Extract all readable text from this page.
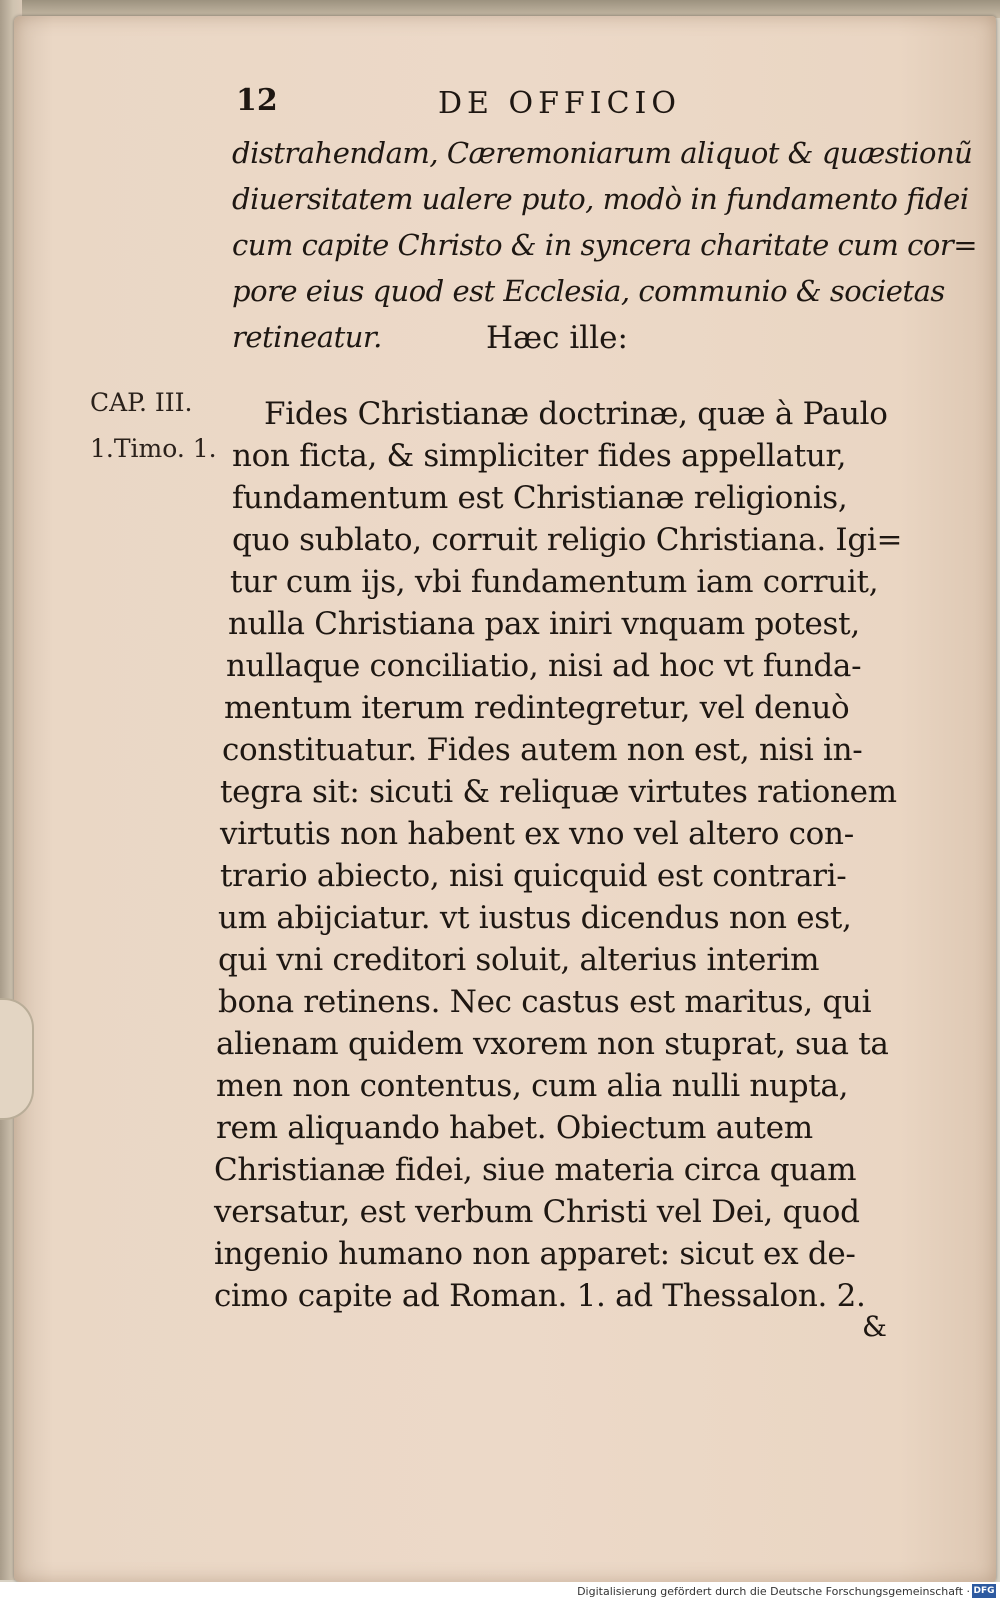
12	DE OFFICIO
distrahendam, Cæremoniarum aliquot & quæstionũ
diuersitatem ualere puto, modò in fundamento fidei
cum capite Christo & in syncera charitate cum cor=
pore eius quod est Ecclesia, communio & societas
retineatur.	Hæc ille:
CAP. III.
1.Timo. 1.
Fides Christianæ doctrinæ, quæ à Paulo
non ficta, & simpliciter fides appellatur,
fundamentum est Christianæ religionis,
quo sublato, corruit religio Christiana. Igi=
tur cum ijs, vbi fundamentum iam corruit,
nulla Christiana pax iniri vnquam potest,
nullaque conciliatio, nisi ad hoc vt funda-
mentum iterum redintegretur, vel denuò
constituatur. Fides autem non est, nisi in-
tegra sit: sicuti & reliquæ virtutes rationem
virtutis non habent ex vno vel altero con-
trario abiecto, nisi quicquid est contrari-
um abijciatur. vt iustus dicendus non est,
qui vni creditori soluit, alterius interim
bona retinens. Nec castus est maritus, qui
alienam quidem vxorem non stuprat, sua ta
men non contentus, cum alia nulli nupta,
rem aliquando habet. Obiectum autem
Christianæ fidei, siue materia circa quam
versatur, est verbum Christi vel Dei, quod
ingenio humano non apparet: sicut ex de-
cimo capite ad Roman. 1. ad Thessalon. 2.
&
Digitalisierung gefördert durch die Deutsche Forschungsgemeinschaft · DFG
